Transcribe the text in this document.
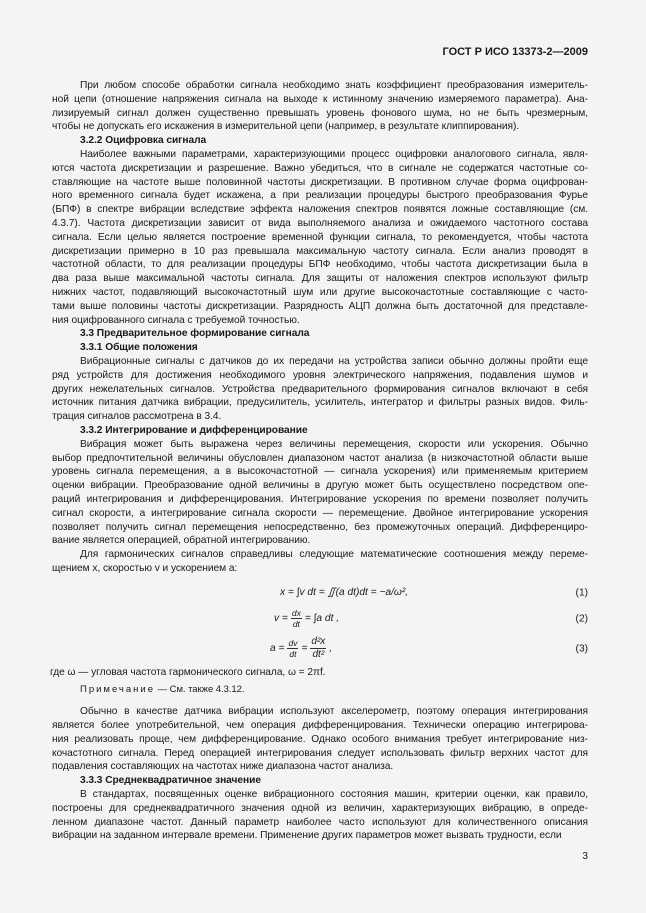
ГОСТ Р ИСО 13373-2—2009
При любом способе обработки сигнала необходимо знать коэффициент преобразования измеритель-
ной цепи (отношение напряжения сигнала на выходе к истинному значению измеряемого параметра). Ана-
лизируемый сигнал должен существенно превышать уровень фонового шума, но не быть чрезмерным,
чтобы не допускать его искажения в измерительной цепи (например, в результате клиппирования).
3.2.2 Оцифровка сигнала
Наиболее важными параметрами, характеризующими процесс оцифровки аналогового сигнала, явля-
ются частота дискретизации и разрешение. Важно убедиться, что в сигнале не содержатся частотные со-
ставляющие на частоте выше половинной частоты дискретизации. В противном случае форма оцифрован-
ного временного сигнала будет искажена, а при реализации процедуры быстрого преобразования Фурье
(БПФ) в спектре вибрации вследствие эффекта наложения спектров появятся ложные составляющие (см.
4.3.7). Частота дискретизации зависит от вида выполняемого анализа и ожидаемого частотного состава
сигнала. Если целью является построение временной функции сигнала, то рекомендуется, чтобы частота
дискретизации примерно в 10 раз превышала максимальную частоту сигнала. Если анализ проводят в
частотной области, то для реализации процедуры БПФ необходимо, чтобы частота дискретизации была в
два раза выше максимальной частоты сигнала. Для защиты от наложения спектров используют фильтр
нижних частот, подавляющий высокочастотный шум или другие высокочастотные составляющие с часто-
тами выше половины частоты дискретизации. Разрядность АЦП должна быть достаточной для представле-
ния оцифрованного сигнала с требуемой точностью.
3.3 Предварительное формирование сигнала
3.3.1 Общие положения
Вибрационные сигналы с датчиков до их передачи на устройства записи обычно должны пройти еще
ряд устройств для достижения необходимого уровня электрического напряжения, подавления шумов и
других нежелательных сигналов. Устройства предварительного формирования сигналов включают в себя
источник питания датчика вибрации, предусилитель, усилитель, интегратор и фильтры разных видов. Филь-
трация сигналов рассмотрена в 3.4.
3.3.2 Интегрирование и дифференцирование
Вибрация может быть выражена через величины перемещения, скорости или ускорения. Обычно
выбор предпочтительной величины обусловлен диапазоном частот анализа (в низкочастотной области выше
уровень сигнала перемещения, а в высокочастотной — сигнала ускорения) или применяемым критерием
оценки вибрации. Преобразование одной величины в другую может быть осуществлено посредством опе-
раций интегрирования и дифференцирования. Интегрирование ускорения по времени позволяет получить
сигнал скорости, а интегрирование сигнала скорости — перемещение. Двойное интегрирование ускорения
позволяет получить сигнал перемещения непосредственно, без промежуточных операций. Дифференциро-
вание является операцией, обратной интегрированию.
Для гармонических сигналов справедливы следующие математические соотношения между переме-
щением x, скоростью v и ускорением a:
x = ∫v dt = ∬(a dt)dt = −a/ω²,	(1)
$v = \frac{dx}{dt} = \int a$ dt ,	(2)
$a = \frac{dv}{dt} = \frac{\text{d²x}}{\text{dt²}}$ ,	(3)
где ω — угловая частота гармонического сигнала, ω = 2πf.
Примечание — См. также 4.3.12.
Обычно в качестве датчика вибрации используют акселерометр, поэтому операция интегрирования
является более употребительной, чем операция дифференцирования. Технически операцию интегрирова-
ния реализовать проще, чем дифференцирование. Однако особого внимания требует интегрирование низ-
кочастотного сигнала. Перед операцией интегрирования следует использовать фильтр верхних частот для
подавления составляющих на частотах ниже диапазона частот анализа.
3.3.3 Среднеквадратичное значение
В стандартах, посвященных оценке вибрационного состояния машин, критерии оценки, как правило,
построены для среднеквадратичного значения одной из величин, характеризующих вибрацию, в опреде-
ленном диапазоне частот. Данный параметр наиболее часто используют для количественного описания
вибрации на заданном интервале времени. Применение других параметров может вызвать трудности, если
3
